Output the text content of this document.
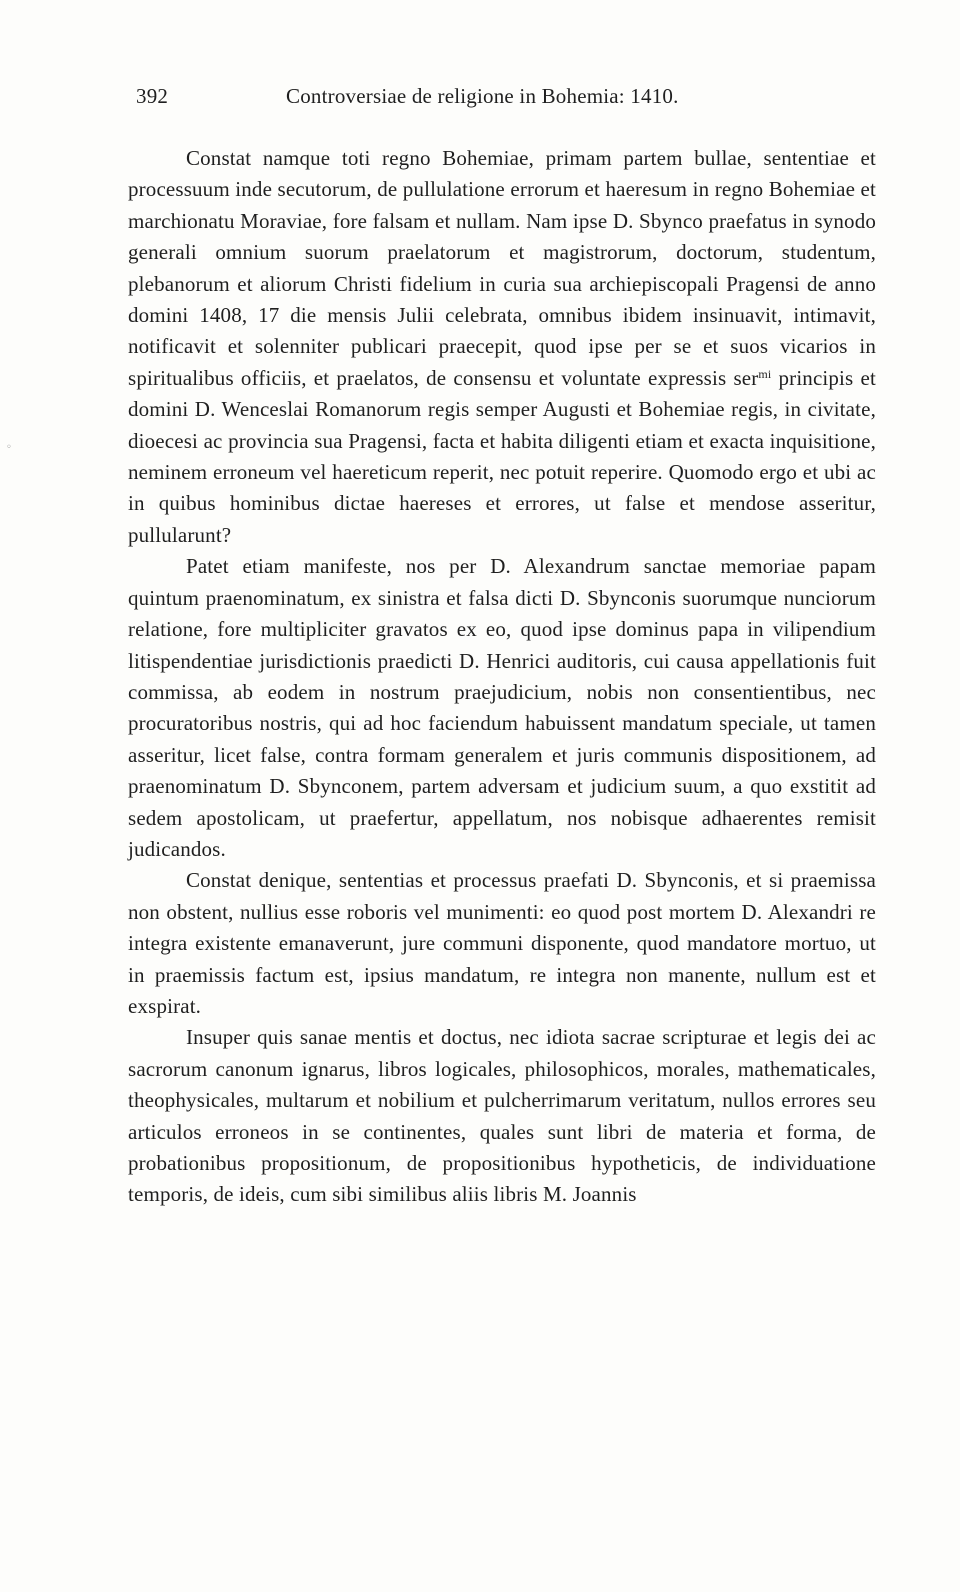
392	Controversiae de religione in Bohemia: 1410.

Constat namque toti regno Bohemiae, primam partem bullae, sententiae et processuum inde secutorum, de pullulatione errorum et haeresum in regno Bohemiae et marchionatu Moraviae, fore falsam et nullam. Nam ipse D. Sbynco praefatus in synodo generali omnium suorum praelatorum et magistrorum, doctorum, studentum, plebanorum et aliorum Christi fidelium in curia sua archiepiscopali Pragensi de anno domini 1408, 17 die mensis Julii celebrata, omnibus ibidem insinuavit, intimavit, notificavit et solenniter publicari praecepit, quod ipse per se et suos vicarios in spiritualibus officiis, et praelatos, de consensu et voluntate expressis ser$^{mi}$ principis et domini D. Wenceslai Romanorum regis semper Augusti et Bohemiae regis, in civitate, dioecesi ac provincia sua Pragensi, facta et habita diligenti etiam et exacta inquisitione, neminem erroneum vel haereticum reperit, nec potuit reperire. Quomodo ergo et ubi ac in quibus hominibus dictae haereses et errores, ut false et mendose asseritur, pullularunt?

Patet etiam manifeste, nos per D. Alexandrum sanctae memoriae papam quintum praenominatum, ex sinistra et falsa dicti D. Sbynconis suorumque nunciorum relatione, fore multipliciter gravatos ex eo, quod ipse dominus papa in vilipendium litispendentiae jurisdictionis praedicti D. Henrici auditoris, cui causa appellationis fuit commissa, ab eodem in nostrum praejudicium, nobis non consentientibus, nec procuratoribus nostris, qui ad hoc faciendum habuissent mandatum speciale, ut tamen asseritur, licet false, contra formam generalem et juris communis dispositionem, ad praenominatum D. Sbynconem, partem adversam et judicium suum, a quo exstitit ad sedem apostolicam, ut praefertur, appellatum, nos nobisque adhaerentes remisit judicandos.

Constat denique, sententias et processus praefati D. Sbynconis, et si praemissa non obstent, nullius esse roboris vel munimenti: eo quod post mortem D. Alexandri re integra existente emanaverunt, jure communi disponente, quod mandatore mortuo, ut in praemissis factum est, ipsius mandatum, re integra non manente, nullum est et exspirat.

Insuper quis sanae mentis et doctus, nec idiota sacrae scripturae et legis dei ac sacrorum canonum ignarus, libros logicales, philosophicos, morales, mathematicales, theophysicales, multarum et nobilium et pulcherrimarum veritatum, nullos errores seu articulos erroneos in se continentes, quales sunt libri de materia et forma, de probationibus propositionum, de propositionibus hypotheticis, de individuatione temporis, de ideis, cum sibi similibus aliis libris M. Joannis

◦
